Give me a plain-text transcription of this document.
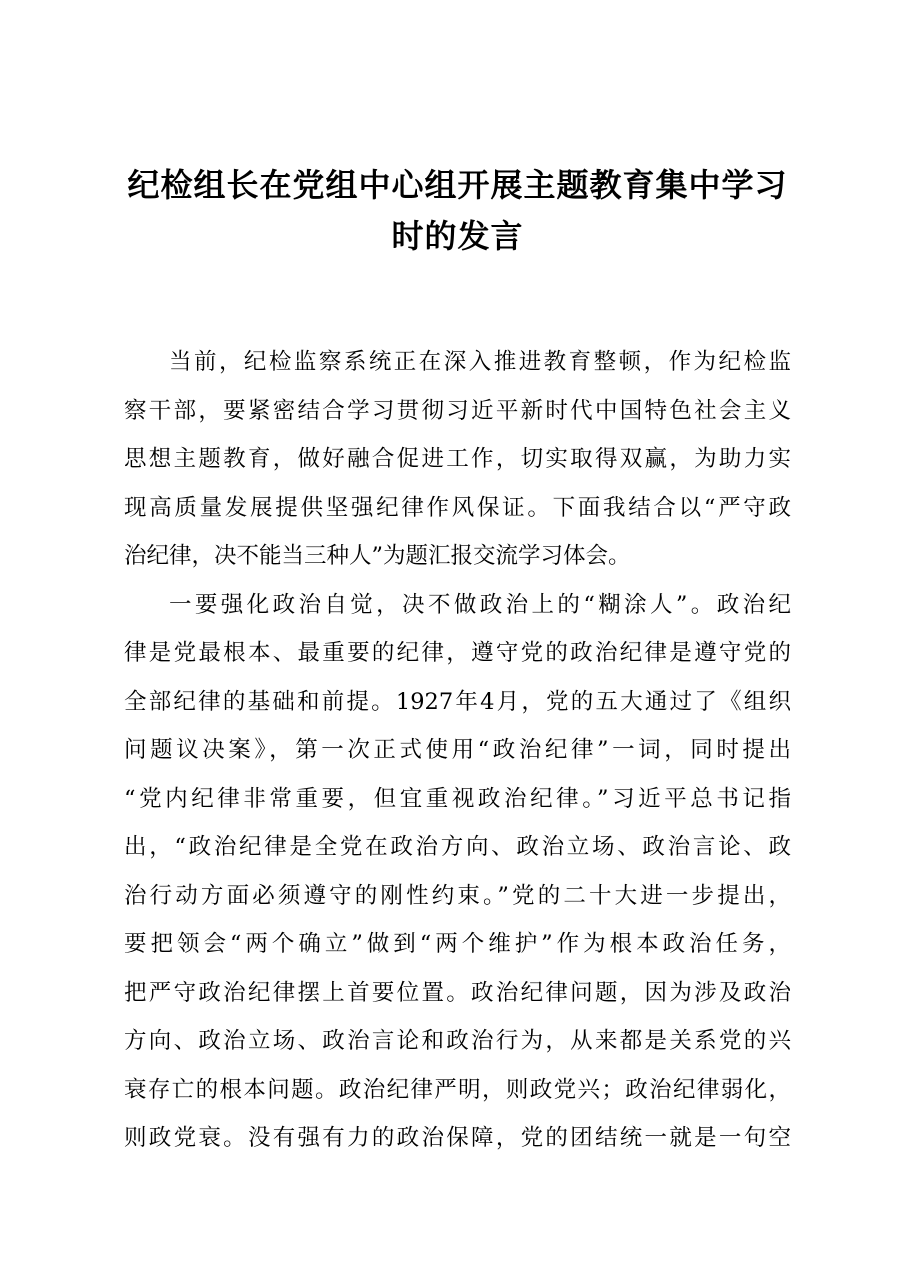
纪检组长在党组中心组开展主题教育集中学习
时的发言
当前，纪检监察系统正在深入推进教育整顿，作为纪检监
察干部，要紧密结合学习贯彻习近平新时代中国特色社会主义
思想主题教育，做好融合促进工作，切实取得双赢，为助力实
现高质量发展提供坚强纪律作风保证。下面我结合以“严守政
治纪律，决不能当三种人”为题汇报交流学习体会。
一要强化政治自觉，决不做政治上的“糊涂人”。政治纪
律是党最根本、最重要的纪律，遵守党的政治纪律是遵守党的
全部纪律的基础和前提。1927年4月，党的五大通过了《组织
问题议决案》，第一次正式使用“政治纪律”一词，同时提出
“党内纪律非常重要，但宜重视政治纪律。”习近平总书记指
出，“政治纪律是全党在政治方向、政治立场、政治言论、政
治行动方面必须遵守的刚性约束。”党的二十大进一步提出，
要把领会“两个确立”做到“两个维护”作为根本政治任务，
把严守政治纪律摆上首要位置。政治纪律问题，因为涉及政治
方向、政治立场、政治言论和政治行为，从来都是关系党的兴
衰存亡的根本问题。政治纪律严明，则政党兴；政治纪律弱化，
则政党衰。没有强有力的政治保障，党的团结统一就是一句空
